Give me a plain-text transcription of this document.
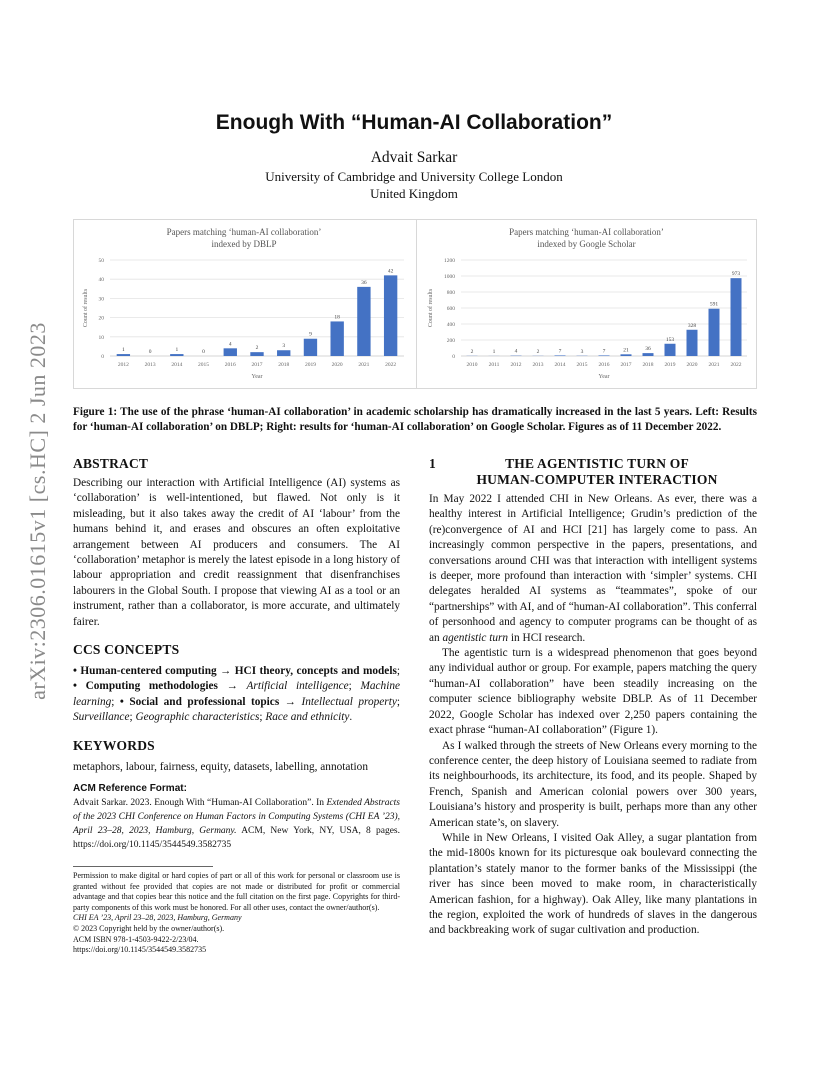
arXiv:2306.01615v1 [cs.HC] 2 Jun 2023
Enough With “Human-AI Collaboration”
Advait Sarkar
University of Cambridge and University College London
United Kingdom
Papers matching ‘human-AI collaboration’
indexed by DBLP
0
10
20
30
40
50
1
2012
0
2013
1
2014
0
2015
4
2016
2
2017
3
2018
9
2019
18
2020
36
2021
42
2022
Year
Count of results
Papers matching ‘human-AI collaboration’
indexed by Google Scholar
0
200
400
600
800
1000
1200
2
2010
1
2011
4
2012
2
2013
7
2014
3
2015
7
2016
21
2017
36
2018
153
2019
328
2020
591
2021
973
2022
Year
Count of results
Figure 1: The use of the phrase ‘human-AI collaboration’ in academic scholarship has dramatically increased in the last 5 years. Left: Results for ‘human-AI collaboration’ on DBLP; Right: results for ‘human-AI collaboration’ on Google Scholar. Figures as of 11 December 2022.
ABSTRACT

Describing our interaction with Artificial Intelligence (AI) systems as ‘collaboration’ is well-intentioned, but flawed. Not only is it misleading, but it also takes away the credit of AI ‘labour’ from the humans behind it, and erases and obscures an often exploitative arrangement between AI producers and consumers. The AI ‘collaboration’ metaphor is merely the latest episode in a long history of labour appropriation and credit reassignment that disenfranchises labourers in the Global South. I propose that viewing AI as a tool or an instrument, rather than a collaborator, is more accurate, and ultimately fairer.

CCS CONCEPTS

• Human-centered computing → HCI theory, concepts and models; • Computing methodologies → Artificial intelligence; Machine learning; • Social and professional topics → Intellectual property; Surveillance; Geographic characteristics; Race and ethnicity.

KEYWORDS

metaphors, labour, fairness, equity, datasets, labelling, annotation

ACM Reference Format:

Advait Sarkar. 2023. Enough With “Human-AI Collaboration”. In Extended Abstracts of the 2023 CHI Conference on Human Factors in Computing Systems (CHI EA ’23), April 23–28, 2023, Hamburg, Germany. ACM, New York, NY, USA, 8 pages. https://doi.org/10.1145/3544549.3582735

Permission to make digital or hard copies of part or all of this work for personal or classroom use is granted without fee provided that copies are not made or distributed for profit or commercial advantage and that copies bear this notice and the full citation on the first page. Copyrights for third-party components of this work must be honored. For all other uses, contact the owner/author(s).
CHI EA ’23, April 23–28, 2023, Hamburg, Germany
© 2023 Copyright held by the owner/author(s).
ACM ISBN 978-1-4503-9422-2/23/04.
https://doi.org/10.1145/3544549.3582735
1	THE AGENTISTIC TURN OF
HUMAN-COMPUTER INTERACTION

In May 2022 I attended CHI in New Orleans. As ever, there was a healthy interest in Artificial Intelligence; Grudin’s prediction of the (re)convergence of AI and HCI [21] has largely come to pass. An increasingly common perspective in the papers, presentations, and conversations around CHI was that interaction with intelligent systems is deeper, more profound than interaction with ‘simpler’ systems. CHI delegates heralded AI systems as “teammates”, spoke of our “partnerships” with AI, and of “human-AI collaboration”. This conferral of personhood and agency to computer programs can be thought of as an agentistic turn in HCI research.

The agentistic turn is a widespread phenomenon that goes beyond any individual author or group. For example, papers matching the query “human-AI collaboration” have been steadily increasing on the computer science bibliography website DBLP. As of 11 December 2022, Google Scholar has indexed over 2,250 papers containing the exact phrase “human-AI collaboration” (Figure 1).

As I walked through the streets of New Orleans every morning to the conference center, the deep history of Louisiana seemed to radiate from its neighbourhoods, its architecture, its food, and its people. Shaped by French, Spanish and American colonial powers over 300 years, Louisiana’s history and prosperity is built, perhaps more than any other American state’s, on slavery.

While in New Orleans, I visited Oak Alley, a sugar plantation from the mid-1800s known for its picturesque oak boulevard connecting the plantation’s stately manor to the former banks of the Mississippi (the river has since been moved to make room, in characteristically American fashion, for a highway). Oak Alley, like many plantations in the region, exploited the work of hundreds of slaves in the dangerous and backbreaking work of sugar cultivation and production.
